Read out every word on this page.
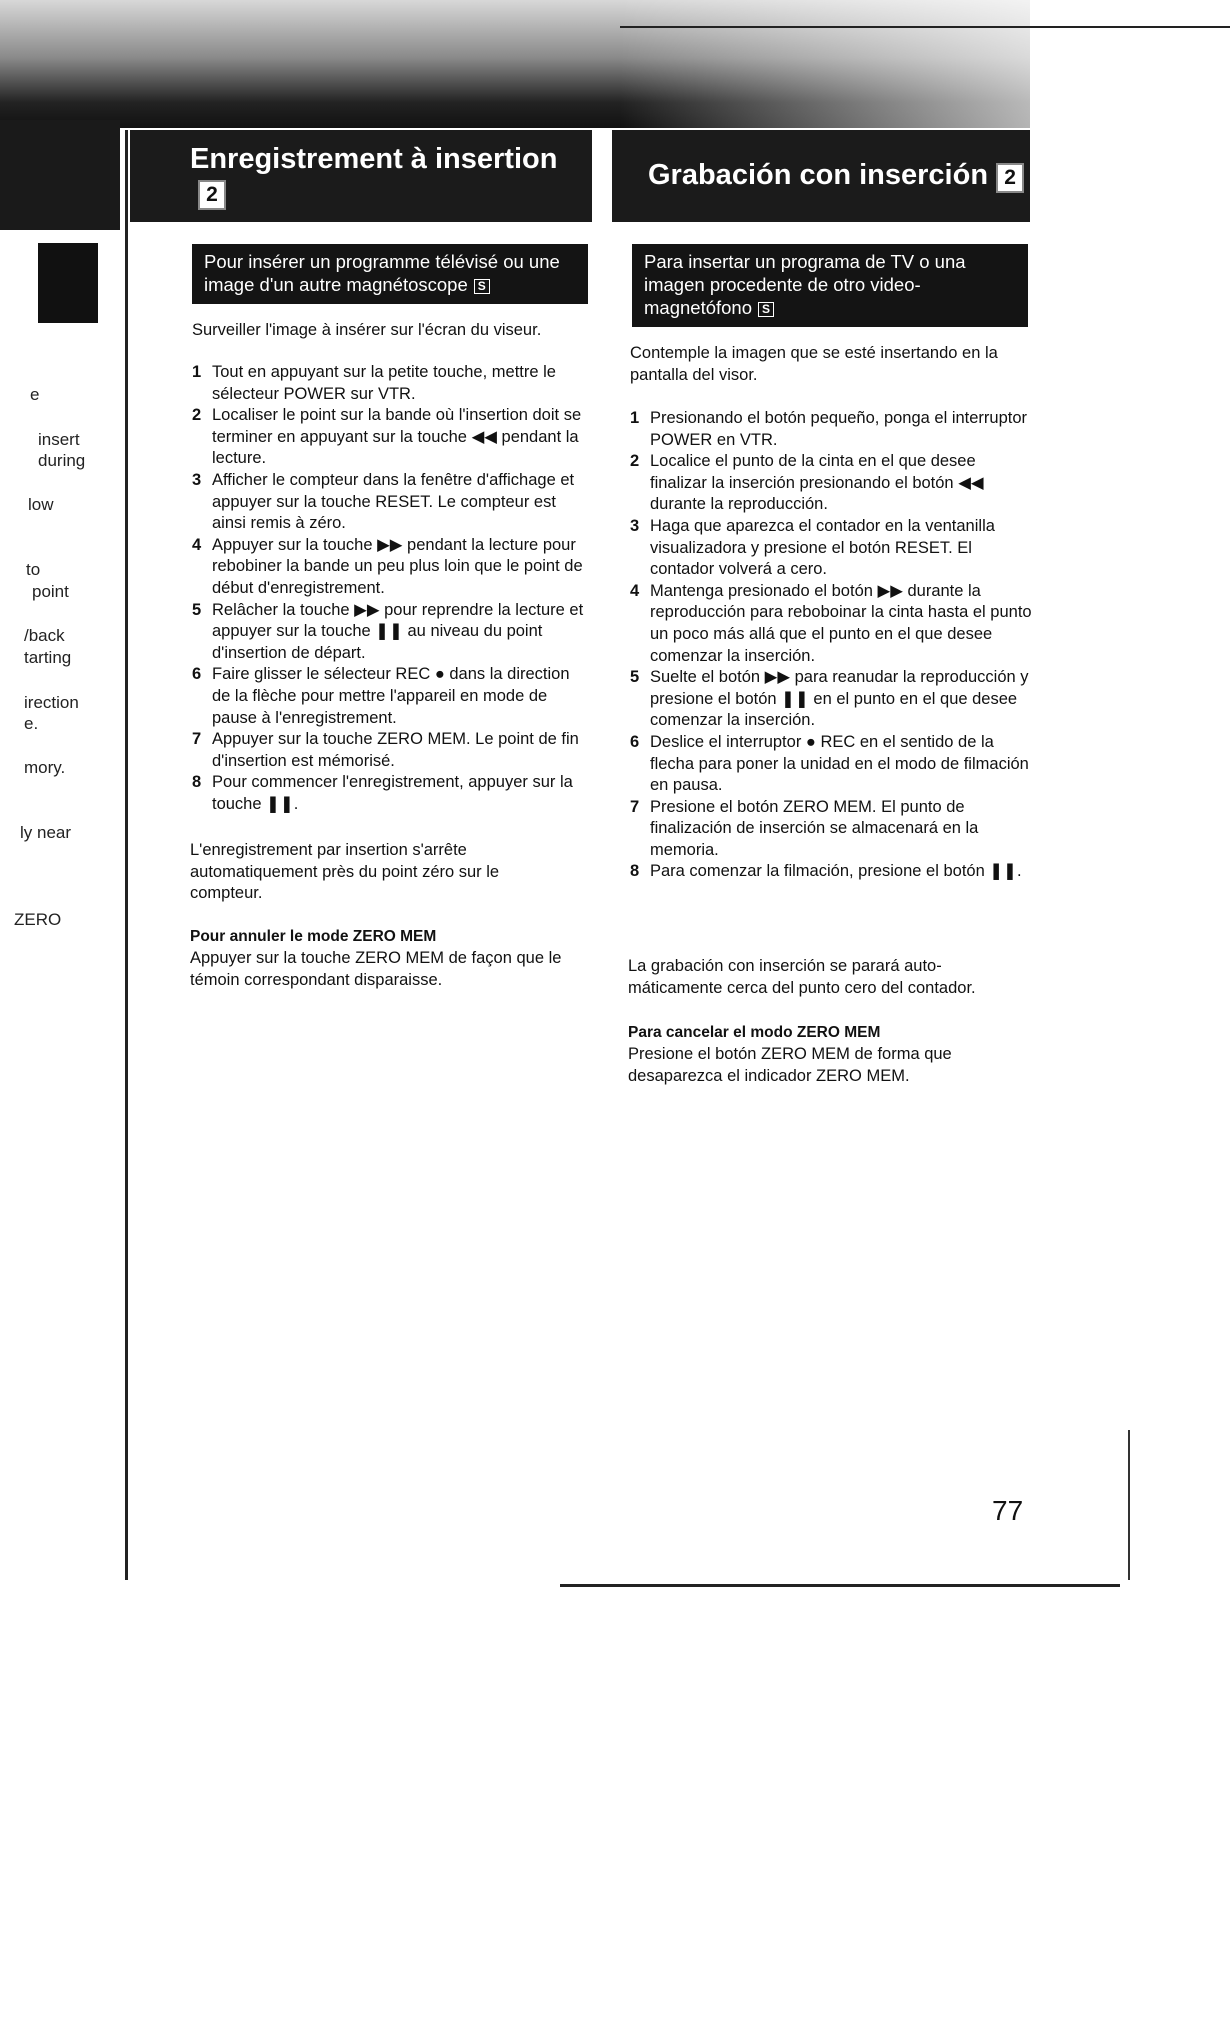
e
insert
during
low
to
point
/back
tarting
irection
e.
mory.
ly near
ZERO
Enregistrement à insertion2
Pour insérer un programme télévisé ou une image d'un autre magnétoscope S
Surveiller l'image à insérer sur l'écran du viseur.
1 Tout en appuyant sur la petite touche, mettre le sélecteur POWER sur VTR.
2 Localiser le point sur la bande où l'insertion doit se terminer en appuyant sur la touche ◀◀ pendant la lecture.
3 Afficher le compteur dans la fenêtre d'affichage et appuyer sur la touche RESET. Le compteur est ainsi remis à zéro.
4 Appuyer sur la touche ▶▶ pendant la lecture pour rebobiner la bande un peu plus loin que le point de début d'enregistrement.
5 Relâcher la touche ▶▶ pour reprendre la lecture et appuyer sur la touche ❚❚ au niveau du point d'insertion de départ.
6 Faire glisser le sélecteur REC ● dans la direction de la flèche pour mettre l'appareil en mode de pause à l'enregistrement.
7 Appuyer sur la touche ZERO MEM. Le point de fin d'insertion est mémorisé.
8 Pour commencer l'enregistrement, appuyer sur la touche ❚❚.
L'enregistrement par insertion s'arrête automatiquement près du point zéro sur le compteur.
Pour annuler le mode ZERO MEM
Appuyer sur la touche ZERO MEM de façon que le témoin correspondant disparaisse.
Grabación con inserción 2
Para insertar un programa de TV o una imagen procedente de otro video- magnetófono S
Contemple la imagen que se esté insertando en la pantalla del visor.
1 Presionando el botón pequeño, ponga el interruptor POWER en VTR.
2 Localice el punto de la cinta en el que desee finalizar la inserción presionando el botón ◀◀ durante la reproducción.
3 Haga que aparezca el contador en la ventanilla visualizadora y presione el botón RESET. El contador volverá a cero.
4 Mantenga presionado el botón ▶▶ durante la reproducción para reboboinar la cinta hasta el punto un poco más allá que el punto en el que desee comenzar la inserción.
5 Suelte el botón ▶▶ para reanudar la reproducción y presione el botón ❚❚ en el punto en el que desee comenzar la inserción.
6 Deslice el interruptor ● REC en el sentido de la flecha para poner la unidad en el modo de filmación en pausa.
7 Presione el botón ZERO MEM. El punto de finalización de inserción se almacenará en la memoria.
8 Para comenzar la filmación, presione el botón ❚❚.
La grabación con inserción se parará auto- máticamente cerca del punto cero del contador.
Para cancelar el modo ZERO MEM
Presione el botón ZERO MEM de forma que desaparezca el indicador ZERO MEM.
77
